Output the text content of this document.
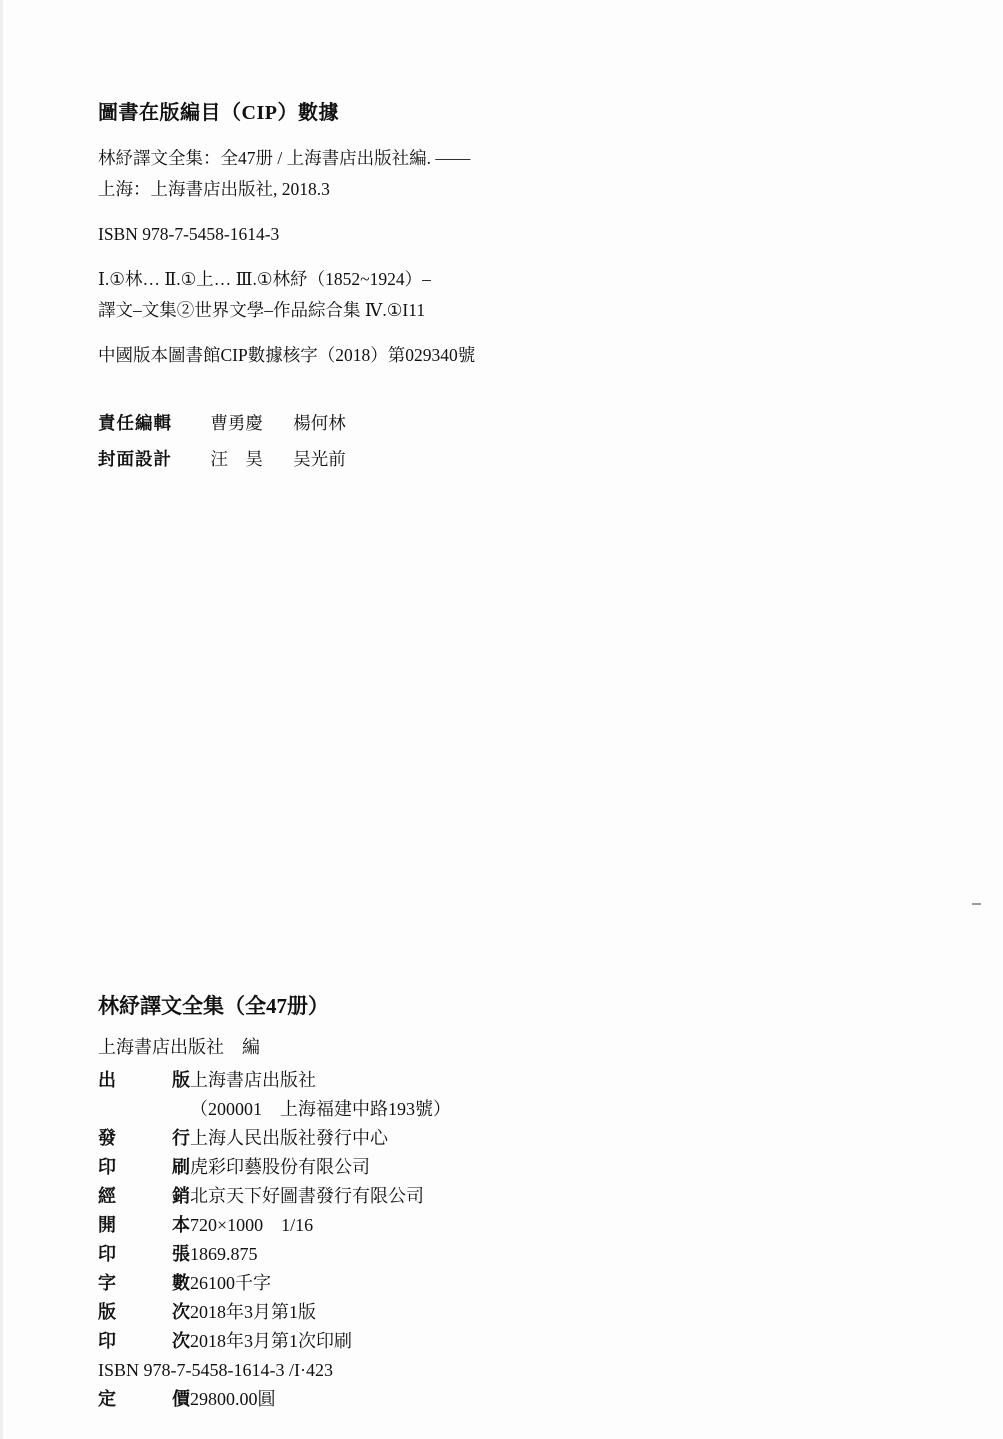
圖書在版編目（CIP）數據
林紓譯文全集：全47册 / 上海書店出版社編. ——
上海：上海書店出版社, 2018.3
ISBN 978-7-5458-1614-3
Ⅰ.①林… Ⅱ.①上… Ⅲ.①林紓（1852~1924）–
譯文–文集②世界文學–作品綜合集 Ⅳ.①I11
中國版本圖書館CIP數據核字（2018）第029340號
責任編輯 曹勇慶 楊何林
封面設計 汪　昊 吴光前
林紓譯文全集（全47册）
上海書店出版社　編
出版上海書店出版社
（200001　上海福建中路193號）
發行上海人民出版社發行中心
印刷虎彩印藝股份有限公司
經銷北京天下好圖書發行有限公司
開本720×1000　1/16
印張1869.875
字數26100千字
版次2018年3月第1版
印次2018年3月第1次印刷
ISBN 978-7-5458-1614-3 /I·423
定價29800.00圓
